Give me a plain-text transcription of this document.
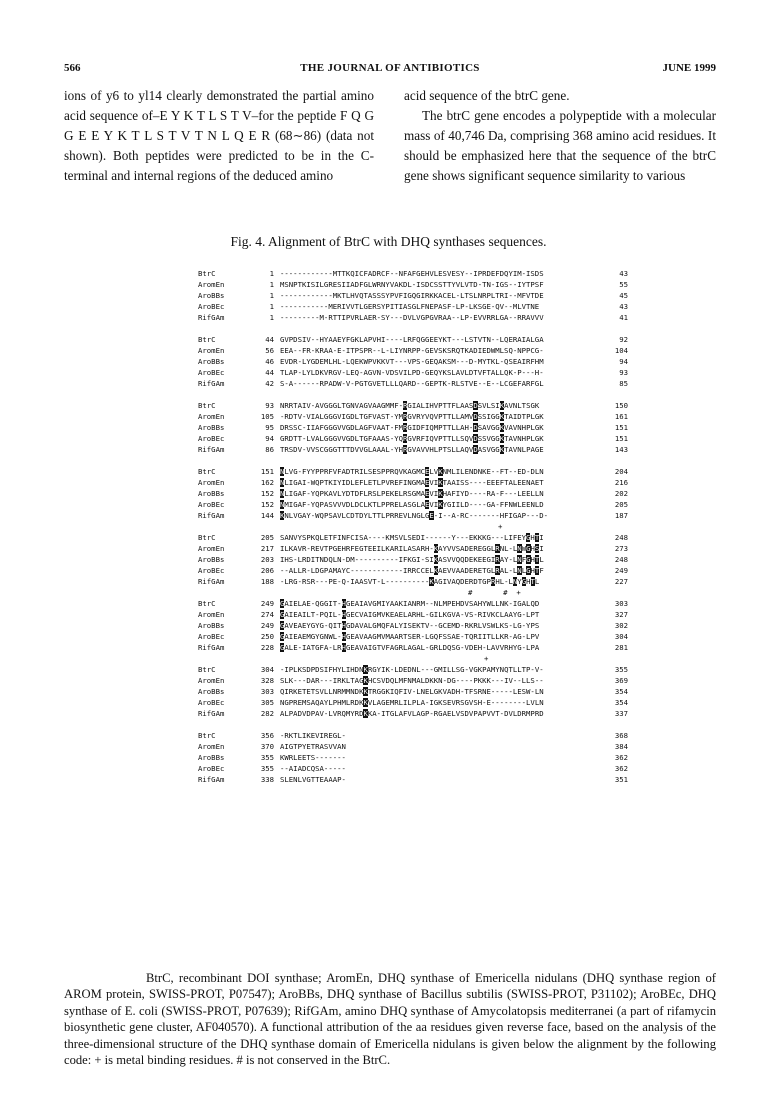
566	THE JOURNAL OF ANTIBIOTICS	JUNE 1999

ions of y6 to yl14 clearly demonstrated the partial amino acid sequence of–E Y K T L S T V–for the peptide F Q G G E E Y K T L S T V T N L Q E R (68∼86) (data not shown). Both peptides were predicted to be in the C-terminal and internal regions of the deduced amino

acid sequence of the btrC gene.

The btrC gene encodes a polypeptide with a molecular mass of 40,746 Da, comprising 368 amino acid residues. It should be emphasized here that the sequence of the btrC gene shows significant sequence similarity to various

Fig. 4. Alignment of BtrC with DHQ synthases sequences.
BtrC	1 ------------MTTKQICFADRCF--NFAFGEHVLESVESY--IPRDEFDQYIM-ISDS	43
AromEn	1 MSNPTKISILGRESIIADFGLWRNYVAKDL-ISDCSSTTYVLVTD-TN-IGS--IYTPSF	55
AroBBs	1 ------------MKTLHVQTASSSYPVFIGQGIRKKACEL-LTSLNRPLTRI--MFVTDE	45
AroBEc	1 -----------MERIVVTLGERSYPITIASGLFNEPASF-LP-LKSGE-QV--MLVTNE	43
RifGAm	1 ---------M-RTTIPVRLAER-SY---DVLVGPGVRAA--LP-EVVRRLGA--RRAVVV	41
BtrC	44 GVPDSIV--HYAAEYFGKLAPVHI----LRFQGGEEYKT---LSTVTN--LQERAIALGA	92
AromEn	56 EEA--FR-KRAA-E-ITPSPR--L-LIYNRPP-GEVSKSRQTKADIEDWMLSQ-NPPCG-	104
AroBBs	46 EVDR-LYGDEMLHL-LQEKWPVKKVT---VPS-GEQAKSM---D-MYTKL-QSEAIRFHM	94
AroBEc	44 TLAP-LYLDKVRGV-LEQ-AGVN-VDSVILPD-GEQYKSLAVLDTVFTALLQK-P---H-	93
RifGAm	42 S-A------RPADW-V-PGTGVETLLLQARD--GEPTK-RLSTVE--E--LCGEFARFGL	85
BtrC	93 NRRTAIV-AVGGGLTGNVAGVAAGMMF-RGIALIHVPTTFLAASDSVLSIKAVNLTSGK	150
AromEn	105 -RDTV-VIALGGGVIGDLTGFVAST-YMRGVRYVQVPTTLLAMVDSSIGGKTAIDTPLGK	161
AroBBs	95 DRSSC-IIAFGGGVVGDLAGFVAAT-FMRGIDFIQMPTTLLAH-DSAVGGKVAVNHPLGK	151
AroBEc	94 GRDTT-LVALGGGVVGDLTGFAAAS-YQRGVRFIQVPTTLLSQVDSSVGGKTAVNHPLGK	151
RifGAm	86 TRSDV-VVSCGGGTTTDVVGLAAAL-YHRGVAVVHLPTSLLAQVDASVGGKTAVNLPAGE	143
BtrC	151 NLVG-FYYPPRFVFADTRILSESPPRQVKAGMCELVKNMLILENDNKE--FT--ED-DLN	204
AromEn	162 NLIGAI-WQPTKIYIDLEFLETLPVREFINGMAEVIKTAAISS----EEEFTALEENAET	216
AroBBs	152 NLIGAF-YQPKAVLYDTDFLRSLPEKELRSGMAEVIKHAFIYD----RA-F---LEELLN	202
AroBEc	152 NMIGAF-YQPASVVVDLDCLKTLPPRELASGLAEVIKYGIILD----GA-FFNWLEENLD	205
RifGAm	144 KNLVGAY-WQPSAVLCDTDYLTTLPRREVLNGLGE-I--A-RC-------HFIGAP---D-	187
+
BtrC	205 SANVYSPKQLETFINFCISA----KMSVLSEDI------Y---EKKKG---LIFEYGHTI	248
AromEn	217 ILKAVR-REVTPGEHRFEGTEEILKARILASARH-KAYVVSADEREGGLRNL-LNWGHSI	273
AroBBs	203 IHS-LRDITNDQLN-DM----------IFKGI-SIKASVVQQDEKEEGIRAY-LNFGHTL	248
AroBEc	206 --ALLR-LDGPAMAYC------------IRRCCELKAEVVAADERETGLRAL-LNLGHTF	249
RifGAm	188 -LRG-RSR---PE-Q-IAASVT-L----------KAGIVAQDERDTGPRHL-LNYGHTL	227
#       #  +
BtrC	249 GAIELAE-QGGIT-HGEAIAVGMIYAAKIANRM--NLMPEHDVSAHYWLLNK-IGALQD	303
AromEn	274 GAIEAILT-PQIL-HGECVAIGMVKEAELARHL-GILKGVA-VS-RIVKCLAAYG-LPT	327
AroBBs	249 GAVEAEYGYG-QITHGDAVALGMQFALYISEKTV--GCEMD-RKRLVSWLKS-LG-YPS	302
AroBEc	250 GAIEAEMGYGNWL-HGEAVAAGMVMAARTSER-LGQFSSAE-TQRIITLLKR-AG-LPV	304
RifGAm	228 GALE-IATGFA-LRHGEAVAIGTVFAGRLAGAL-GRLDQSG-VDEH-LAVVRHYG-LPA	281
+
BtrC	304 -IPLKSDPDSIFHYLIHDNKRGYIK-LDEDNL---GMILLSG-VGKPAMYNQTLLTP-V-	355
AromEn	328 SLK---DAR---IRKLTAGKHCSVDQLMFNMALDKKN-DG----PKKK---IV--LLS--	369
AroBBs	303 QIRKETETSVLLNRMMNDKKTRGGKIQFIV-LNELGKVADH-TFSRNE-----LESW-LN	354
AroBEc	305 NGPREMSAQAYLPHMLRDKKVLAGEMRLILPLA-IGKSEVRSGVSH-E--------LVLN	354
RifGAm	282 ALPADVDPAV-LVRQMYRDKKA-ITGLAFVLAGP-RGAELVSDVPAPVVT-DVLDRMPRD	337
BtrC	356 -RKTLIKEVIREGL-	368
AromEn	370 AIGTPYETRASVVAN	384
AroBBs	355 KWRLEETS-------	362
AroBEc	355 --AIADCQSA-----	362
RifGAm	338 SLENLVGTTEAAAP-	351

BtrC, recombinant DOI synthase; AromEn, DHQ synthase of Emericella nidulans (DHQ synthase region of AROM protein, SWISS-PROT, P07547); AroBBs, DHQ synthase of Bacillus subtilis (SWISS-PROT, P31102); AroBEc, DHQ synthase of E. coli (SWISS-PROT, P07639); RifGAm, amino DHQ synthase of Amycolatopsis mediterranei (a part of rifamycin biosynthetic gene cluster, AF040570). A functional attribution of the aa residues given reverse face, based on the analysis of the three-dimensional structure of the DHQ synthase domain of Emericella nidulans is given below the alignment by the following code: + is metal binding residues. # is not conserved in the BtrC.
